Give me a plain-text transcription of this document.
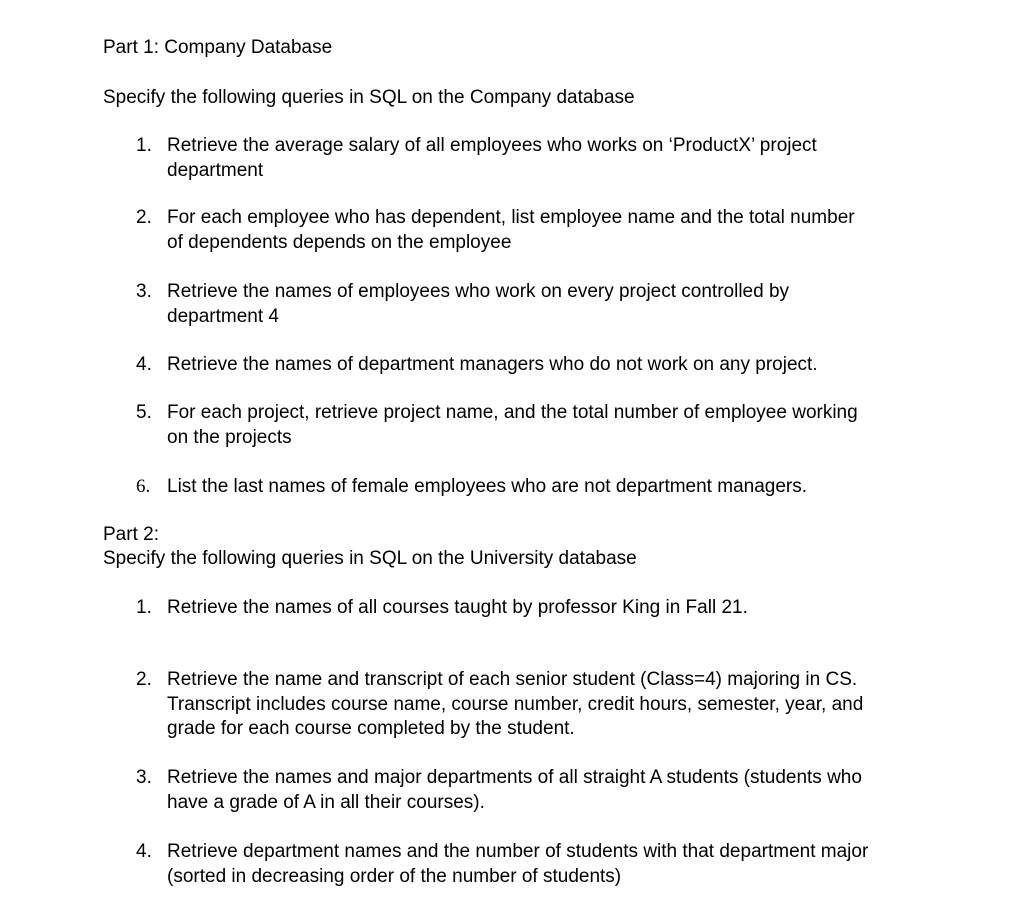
Part 1: Company Database
Specify the following queries in SQL on the Company database
1. Retrieve the average salary of all employees who works on ‘ProductX’ project department
2. For each employee who has dependent, list employee name and the total number of dependents depends on the employee
3. Retrieve the names of employees who work on every project controlled by department 4
4. Retrieve the names of department managers who do not work on any project.
5. For each project, retrieve project name, and the total number of employee working on the projects
6. List the last names of female employees who are not department managers.
Part 2:
Specify the following queries in SQL on the University database
1. Retrieve the names of all courses taught by professor King in Fall 21.
2. Retrieve the name and transcript of each senior student (Class=4) majoring in CS. Transcript includes course name, course number, credit hours, semester, year, and grade for each course completed by the student.
3. Retrieve the names and major departments of all straight A students (students who have a grade of A in all their courses).
4. Retrieve department names and the number of students with that department major (sorted in decreasing order of the number of students)
